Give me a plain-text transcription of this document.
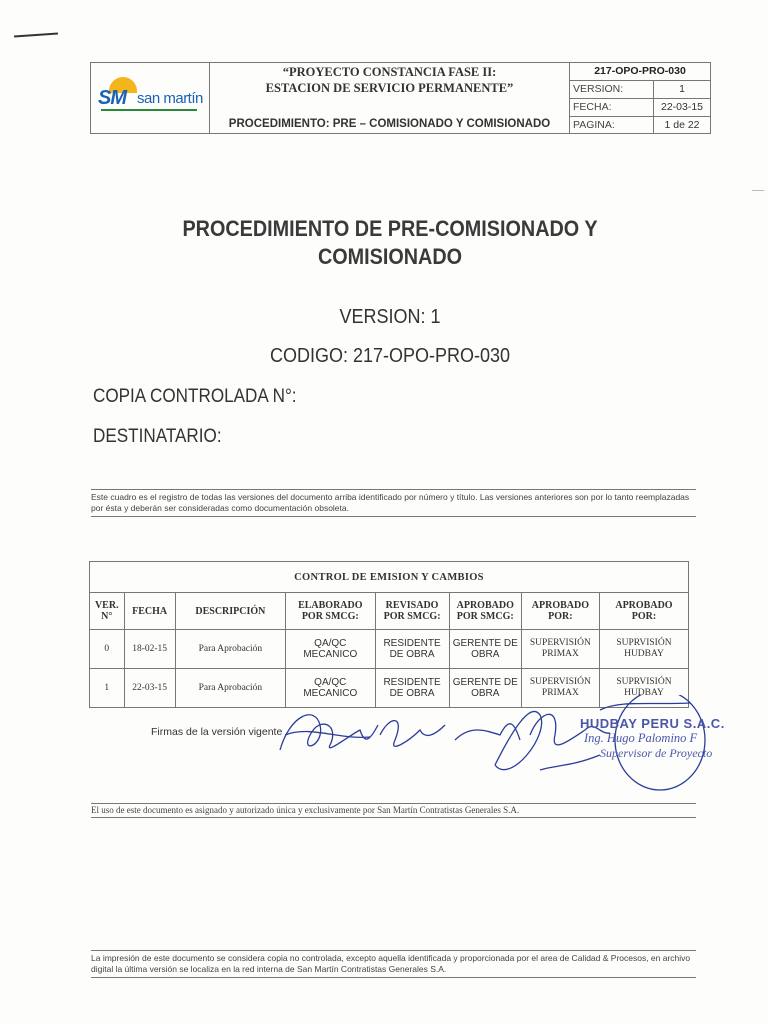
SM san martín
“PROYECTO CONSTANCIA FASE II:
ESTACION DE SERVICIO PERMANENTE”
PROCEDIMIENTO: PRE – COMISIONADO Y COMISIONADO
217-OPO-PRO-030
VERSION:	1
FECHA:	22-03-15
PAGINA:	1 de 22
PROCEDIMIENTO DE PRE-COMISIONADO Y
COMISIONADO
VERSION: 1
CODIGO: 217-OPO-PRO-030
COPIA CONTROLADA N°:
DESTINATARIO:
Este cuadro es el registro de todas las versiones del documento arriba identificado por número y título. Las versiones anteriores son por lo tanto reemplazadas por ésta y deberán ser consideradas como documentación obsoleta.
CONTROL DE EMISION Y CAMBIOS							
VER. N°	FECHA	DESCRIPCIÓN	ELABORADO POR SMCG:	REVISADO POR SMCG:	APROBADO POR SMCG:	APROBADO POR:	APROBADO POR:
0	18-02-15	Para Aprobación	QA/QC MECANICO	RESIDENTE DE OBRA	GERENTE DE OBRA	SUPERVISIÓN PRIMAX	SUPRVISIÓN HUDBAY
1	22-03-15	Para Aprobación	QA/QC MECANICO	RESIDENTE DE OBRA	GERENTE DE OBRA	SUPERVISIÓN PRIMAX	SUPRVISIÓN HUDBAY
Firmas de la versión vigente
HUDBAY PERU S.A.C.
Ing. Hugo Palomino F
Supervisor de Proyecto
El uso de este documento es asignado y autorizado única y exclusivamente por San Martín Contratistas Generales S.A.
La impresión de este documento se considera copia no controlada, excepto aquella identificada y proporcionada por el area de Calidad & Procesos, en archivo digital la última versión se localiza en la red interna de San Martín Contratistas Generales S.A.
